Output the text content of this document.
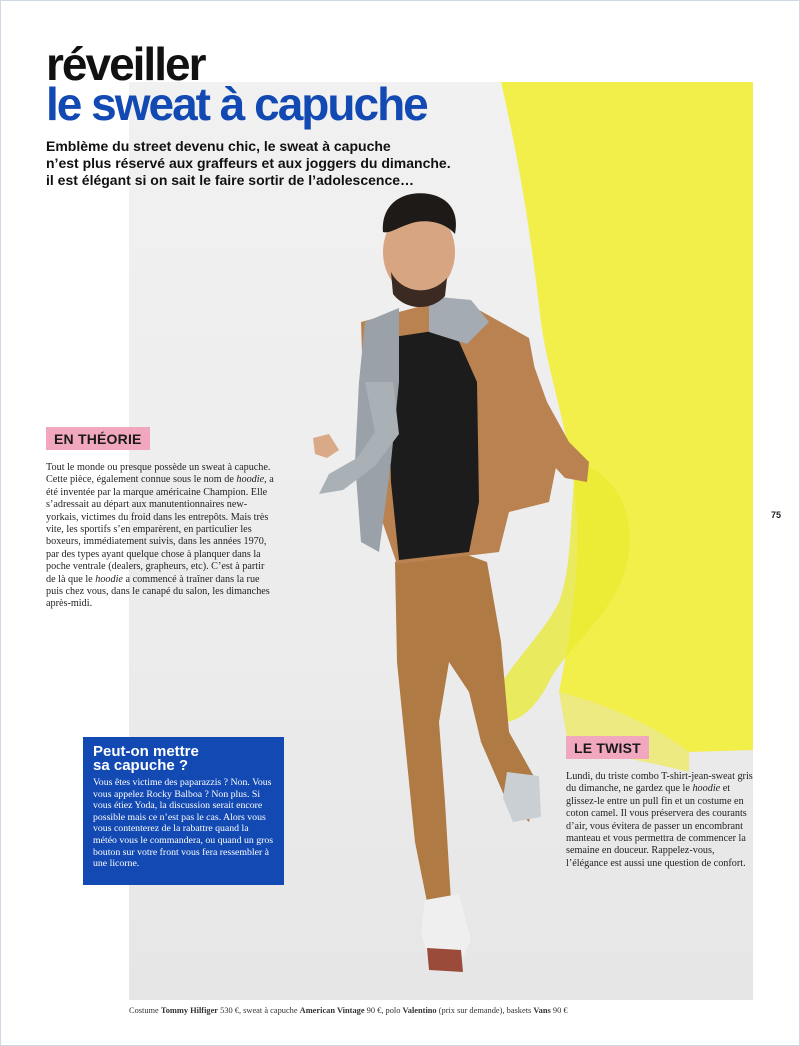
réveiller
le sweat à capuche

Emblème du street devenu chic, le sweat à capuche
n’est plus réservé aux graffeurs et aux joggers du dimanche.
il est élégant si on sait le faire sortir de l’adolescence…

EN THÉORIE

Tout le monde ou presque possède un sweat à capuche. Cette pièce, également connue sous le nom de hoodie, a été inventée par la marque américaine Champion. Elle s’adressait au départ aux manutentionnaires new-yorkais, victimes du froid dans les entrepôts. Mais très vite, les sportifs s’en emparèrent, en particulier les boxeurs, immédiatement suivis, dans les années 1970, par des types ayant quelque chose à planquer dans la poche ventrale (dealers, grapheurs, etc). C’est à partir de là que le hoodie a commencé à traîner dans la rue puis chez vous, dans le canapé du salon, les dimanches après-midi.

Peut-on mettre
sa capuche ?

Vous êtes victime des paparazzis ? Non. Vous vous appelez Rocky Balboa ? Non plus. Si vous étiez Yoda, la discussion serait encore possible mais ce n’est pas le cas. Alors vous vous contenterez de la rabattre quand la météo vous le commandera, ou quand un gros bouton sur votre front vous fera ressembler à une licorne.

LE TWIST

Lundi, du triste combo T-shirt-jean-sweat gris du dimanche, ne gardez que le hoodie et glissez-le entre un pull fin et un costume en coton camel. Il vous préservera des courants d’air, vous évitera de passer un encombrant manteau et vous permettra de commencer la semaine en douceur. Rappelez-vous, l’élégance est aussi une question de confort.

75
Costume Tommy Hilfiger 530 €, sweat à capuche American Vintage 90 €, polo Valentino (prix sur demande), baskets Vans 90 €
